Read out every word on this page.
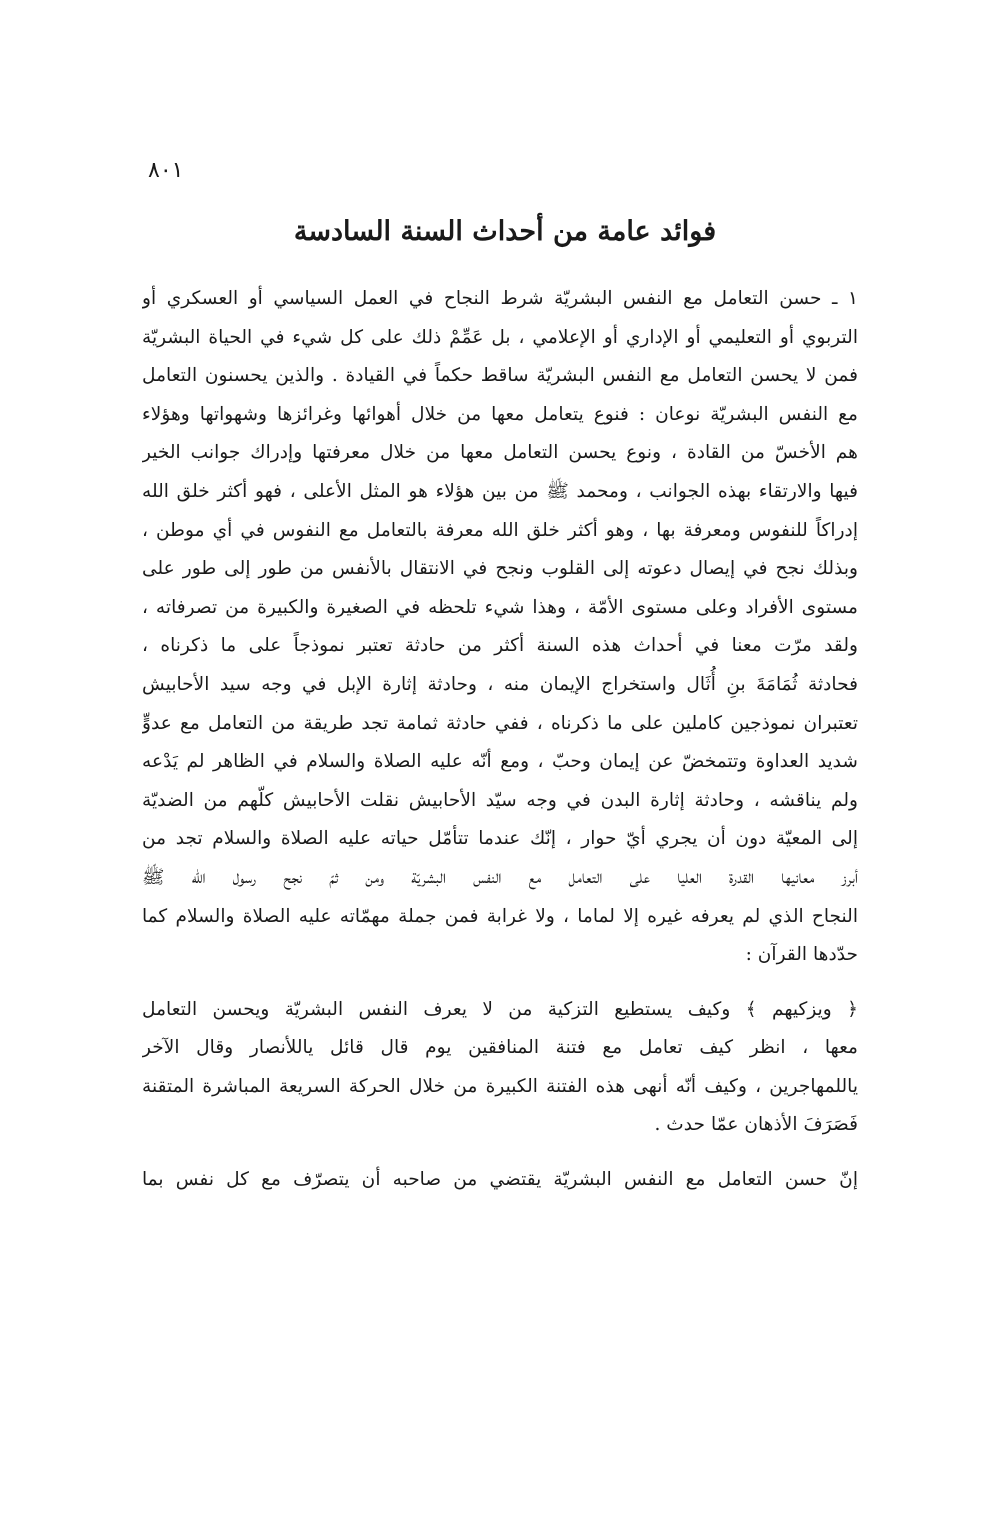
٨٠١
فوائد عامة من أحداث السنة السادسة
١ ـ حسن التعامل مع النفس البشريّة شرط النجاح في العمل السياسي أو العسكري أو
التربوي أو التعليمي أو الإداري أو الإعلامي ، بل عَمِّمْ ذلك على كل شيء في الحياة البشريّة
فمن لا يحسن التعامل مع النفس البشريّة ساقط حكماً في القيادة . والذين يحسنون التعامل
مع النفس البشريّة نوعان : فنوع يتعامل معها من خلال أهوائها وغرائزها وشهواتها وهؤلاء
هم الأخسّ من القادة ، ونوع يحسن التعامل معها من خلال معرفتها وإدراك جوانب الخير
فيها والارتقاء بهذه الجوانب ، ومحمد ﷺ من بين هؤلاء هو المثل الأعلى ، فهو أكثر خلق الله
إدراكاً للنفوس ومعرفة بها ، وهو أكثر خلق الله معرفة بالتعامل مع النفوس في أي موطن ،
وبذلك نجح في إيصال دعوته إلى القلوب ونجح في الانتقال بالأنفس من طور إلى طور على
مستوى الأفراد وعلى مستوى الأمّة ، وهذا شيء تلحظه في الصغيرة والكبيرة من تصرفاته ،
ولقد مرّت معنا في أحداث هذه السنة أكثر من حادثة تعتبر نموذجاً على ما ذكرناه ،
فحادثة ثُمَامَةَ بنِ أُثَال واستخراج الإيمان منه ، وحادثة إثارة الإبل في وجه سيد الأحابيش
تعتبران نموذجين كاملين على ما ذكرناه ، ففي حادثة ثمامة تجد طريقة من التعامل مع عدوٍّ
شديد العداوة وتتمخضّ عن إيمان وحبّ ، ومع أنّه عليه الصلاة والسلام في الظاهر لم يَدْعه
ولم يناقشه ، وحادثة إثارة البدن في وجه سيّد الأحابيش نقلت الأحابيش كلّهم من الضديّة
إلى المعيّة دون أن يجري أيّ حوار ، إنّك عندما تتأمّل حياته عليه الصلاة والسلام تجد من
أبرز معانيها القدرة العليا على التعامل مع النفس البشريّة ومن ثمّ نجح رسول الله ﷺ
النجاح الذي لم يعرفه غيره إلا لماما ، ولا غرابة فمن جملة مهمّاته عليه الصلاة والسلام كما
حدّدها القرآن :
﴿ ويزكيهم ﴾ وكيف يستطيع التزكية من لا يعرف النفس البشريّة ويحسن التعامل
معها ، انظر كيف تعامل مع فتنة المنافقين يوم قال قائل ياللأنصار وقال الآخر
ياللمهاجرين ، وكيف أنّه أنهى هذه الفتنة الكبيرة من خلال الحركة السريعة المباشرة المتقنة
فَصَرَفَ الأذهان عمّا حدث .
إنّ حسن التعامل مع النفس البشريّة يقتضي من صاحبه أن يتصرّف مع كل نفس بما
